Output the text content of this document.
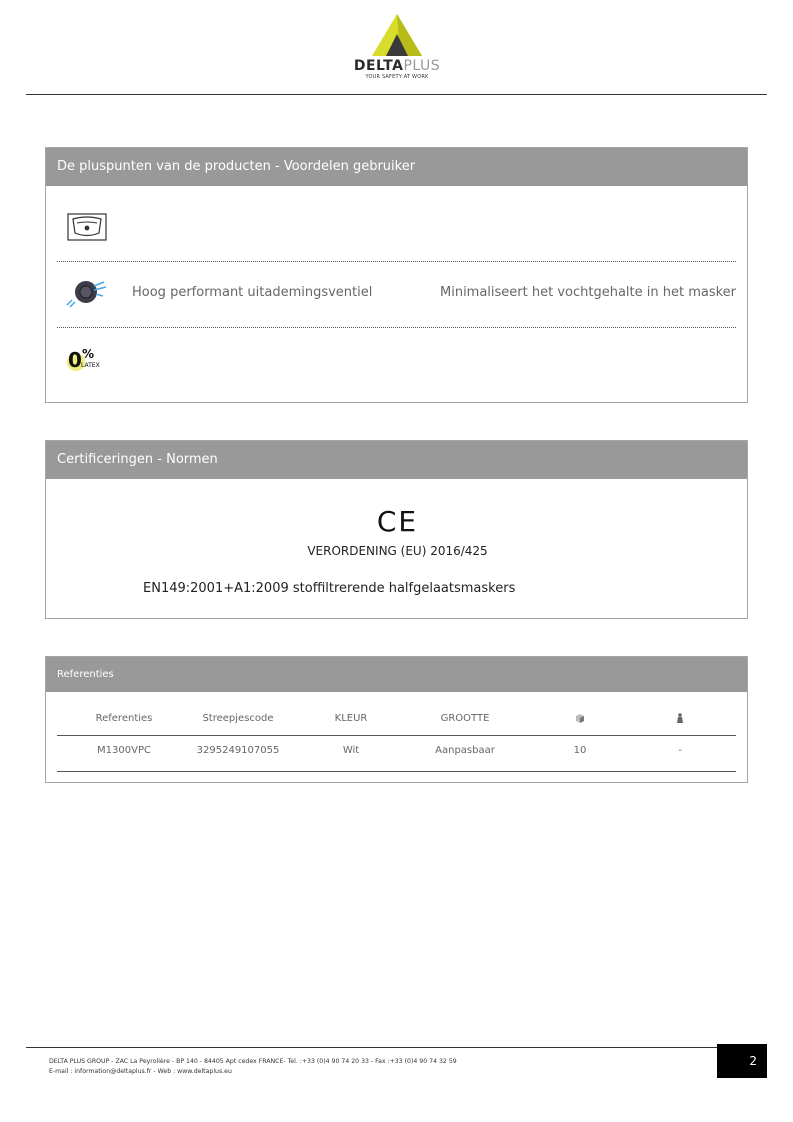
DELTAPLUS
YOUR SAFETY AT WORK
De pluspunten van de producten - Voordelen gebruiker
Hoog performant uitademingsventiel	Minimaliseert het vochtgehalte in het masker
0 %
LATEX
Certificeringen - Normen
CE
VERORDENING (EU) 2016/425
EN149:2001+A1:2009 stoffiltrerende halfgelaatsmaskers
Referenties
Referenties	Streepjescode	KLEUR	GROOTTE
M1300VPC	3295249107055	Wit	Aanpasbaar	10	-
DELTA PLUS GROUP - ZAC La Peyrolière - BP 140 - 84405 Apt cedex FRANCE- Tel. :+33 (0)4 90 74 20 33 - Fax :+33 (0)4 90 74 32 59
E-mail : information@deltaplus.fr - Web : www.deltaplus.eu
2
